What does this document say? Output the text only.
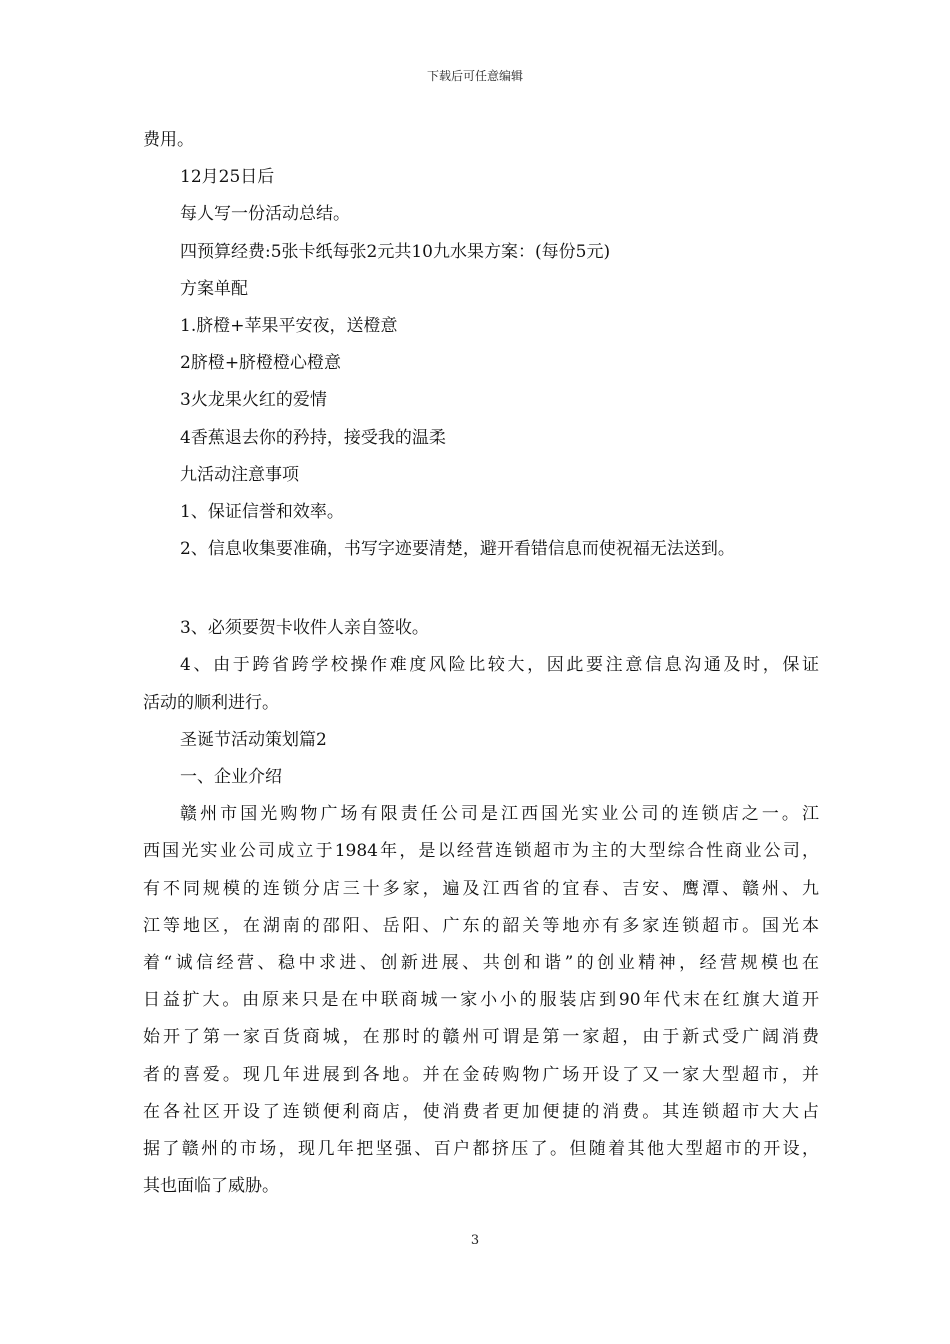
下载后可任意编辑
费用。
12月25日后
每人写一份活动总结。
四预算经费:5张卡纸每张2元共10九水果方案：(每份5元)
方案单配
1.脐橙+苹果平安夜，送橙意
2脐橙+脐橙橙心橙意
3火龙果火红的爱情
4香蕉退去你的矜持，接受我的温柔
九活动注意事项
1、保证信誉和效率。
2、信息收集要准确，书写字迹要清楚，避开看错信息而使祝福无法送到。
3、必须要贺卡收件人亲自签收。
4、由于跨省跨学校操作难度风险比较大，因此要注意信息沟通及时，保证
活动的顺利进行。
圣诞节活动策划篇2
一、企业介绍
赣州市国光购物广场有限责任公司是江西国光实业公司的连锁店之一。江
西国光实业公司成立于1984年，是以经营连锁超市为主的大型综合性商业公司，
有不同规模的连锁分店三十多家，遍及江西省的宜春、吉安、鹰潭、赣州、九
江等地区，在湖南的邵阳、岳阳、广东的韶关等地亦有多家连锁超市。国光本
着“诚信经营、稳中求进、创新进展、共创和谐”的创业精神，经营规模也在
日益扩大。由原来只是在中联商城一家小小的服装店到90年代末在红旗大道开
始开了第一家百货商城，在那时的赣州可谓是第一家超，由于新式受广阔消费
者的喜爱。现几年进展到各地。并在金砖购物广场开设了又一家大型超市，并
在各社区开设了连锁便利商店，使消费者更加便捷的消费。其连锁超市大大占
据了赣州的市场，现几年把坚强、百户都挤压了。但随着其他大型超市的开设，
其也面临了威胁。
3
